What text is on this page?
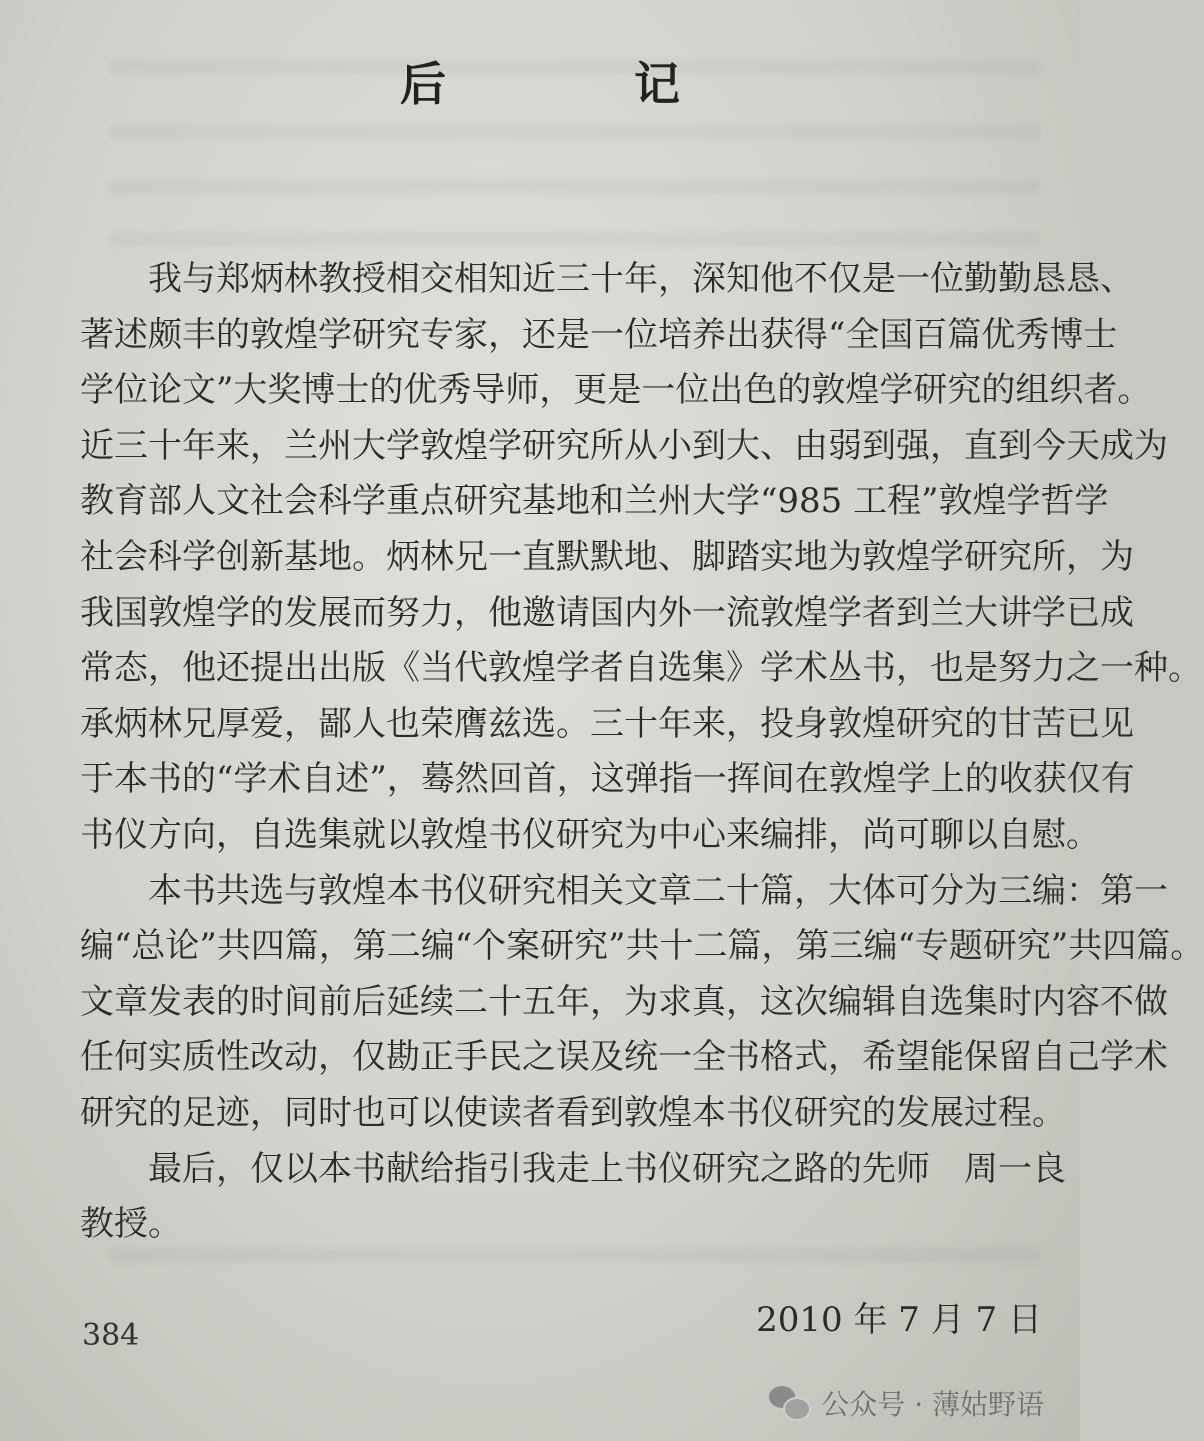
后 记
我与郑炳林教授相交相知近三十年，深知他不仅是一位勤勤恳恳、
著述颇丰的敦煌学研究专家，还是一位培养出获得“全国百篇优秀博士
学位论文”大奖博士的优秀导师，更是一位出色的敦煌学研究的组织者。
近三十年来，兰州大学敦煌学研究所从小到大、由弱到强，直到今天成为
教育部人文社会科学重点研究基地和兰州大学“985 工程”敦煌学哲学
社会科学创新基地。炳林兄一直默默地、脚踏实地为敦煌学研究所，为
我国敦煌学的发展而努力，他邀请国内外一流敦煌学者到兰大讲学已成
常态，他还提出出版《当代敦煌学者自选集》学术丛书，也是努力之一种。
承炳林兄厚爱，鄙人也荣膺兹选。三十年来，投身敦煌研究的甘苦已见
于本书的“学术自述”，蓦然回首，这弹指一挥间在敦煌学上的收获仅有
书仪方向，自选集就以敦煌书仪研究为中心来编排，尚可聊以自慰。
本书共选与敦煌本书仪研究相关文章二十篇，大体可分为三编：第一
编“总论”共四篇，第二编“个案研究”共十二篇，第三编“专题研究”共四篇。
文章发表的时间前后延续二十五年，为求真，这次编辑自选集时内容不做
任何实质性改动，仅勘正手民之误及统一全书格式，希望能保留自己学术
研究的足迹，同时也可以使读者看到敦煌本书仪研究的发展过程。
最后，仅以本书献给指引我走上书仪研究之路的先师　周一良
教授。
2010 年 7 月 7 日
384
公众号 · 薄姑野语
